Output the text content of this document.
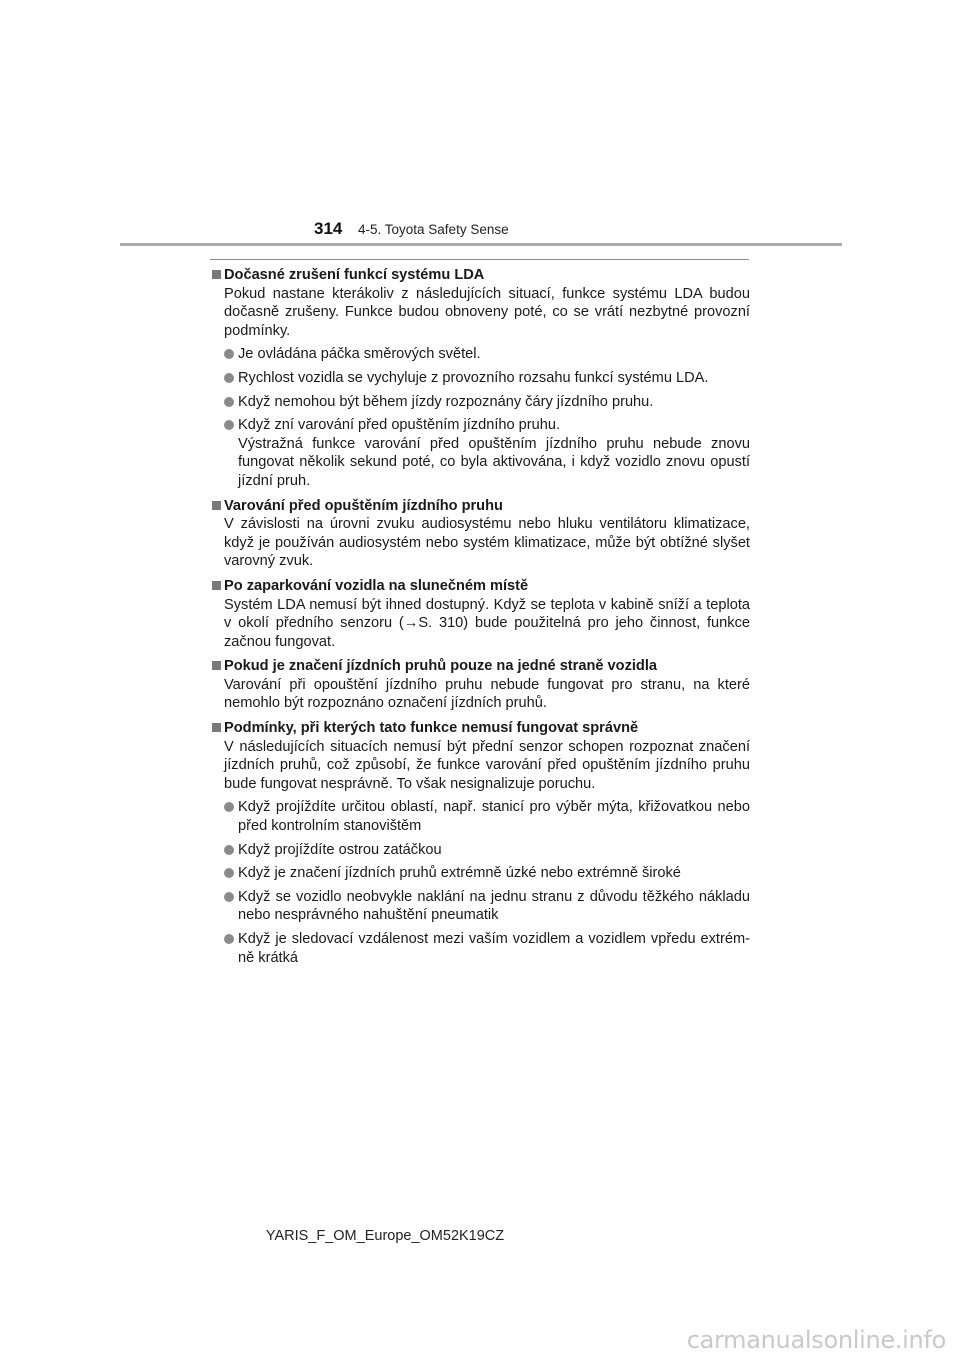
314 4-5. Toyota Safety Sense
Dočasné zrušení funkcí systému LDA
Pokud nastane kterákoliv z následujících situací, funkce systému LDA budou dočasně zrušeny. Funkce budou obnoveny poté, co se vrátí nezbytné provozní podmínky.
Je ovládána páčka směrových světel.
Rychlost vozidla se vychyluje z provozního rozsahu funkcí systému LDA.
Když nemohou být během jízdy rozpoznány čáry jízdního pruhu.
Když zní varování před opuštěním jízdního pruhu.
Výstražná funkce varování před opuštěním jízdního pruhu nebude znovu fungovat několik sekund poté, co byla aktivována, i když vozidlo znovu opustí jízdní pruh.
Varování před opuštěním jízdního pruhu
V závislosti na úrovni zvuku audiosystému nebo hluku ventilátoru klimatizace, když je používán audiosystém nebo systém klimatizace, může být obtížné slyšet varovný zvuk.
Po zaparkování vozidla na slunečném místě
Systém LDA nemusí být ihned dostupný. Když se teplota v kabině sníží a teplota v okolí předního senzoru (→S. 310) bude použitelná pro jeho činnost, funkce začnou fungovat.
Pokud je značení jízdních pruhů pouze na jedné straně vozidla
Varování při opouštění jízdního pruhu nebude fungovat pro stranu, na které nemohlo být rozpoznáno označení jízdních pruhů.
Podmínky, při kterých tato funkce nemusí fungovat správně
V následujících situacích nemusí být přední senzor schopen rozpoznat značení jízdních pruhů, což způsobí, že funkce varování před opuštěním jízdního pruhu bude fungovat nesprávně. To však nesignalizuje poruchu.
Když projíždíte určitou oblastí, např. stanicí pro výběr mýta, křižovatkou nebo před kontrolním stanovištěm
Když projíždíte ostrou zatáčkou
Když je značení jízdních pruhů extrémně úzké nebo extrémně široké
Když se vozidlo neobvykle naklání na jednu stranu z důvodu těžkého nákladu nebo nesprávného nahuštění pneumatik
Když je sledovací vzdálenost mezi vaším vozidlem a vozidlem vpředu extrémně krátká
YARIS_F_OM_Europe_OM52K19CZ
carmanualsonline.info
